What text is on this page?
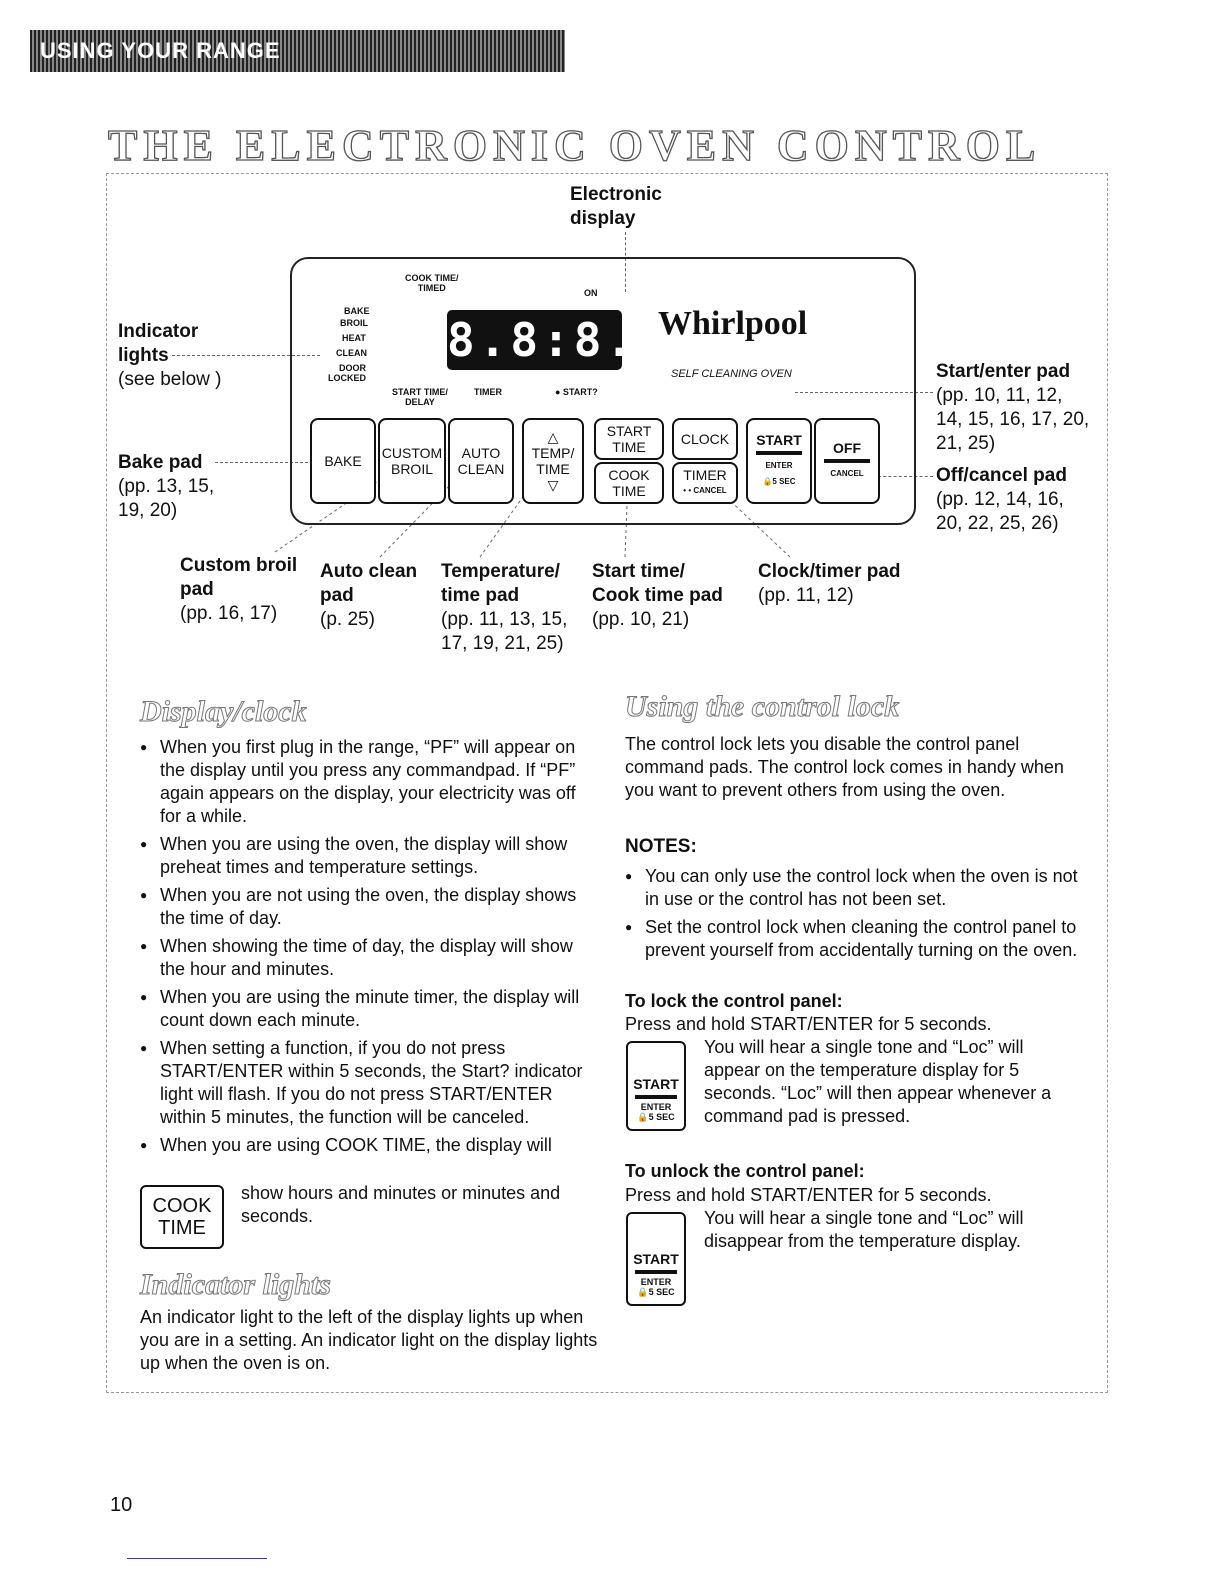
USING YOUR RANGE
THE ELECTRONIC OVEN CONTROL
Electronic
display
Indicator
lights
(see below )
Bake pad
(pp. 13, 15,
19, 20)
Start/enter pad
(pp. 10, 11, 12,
14, 15, 16, 17, 20,
21, 25)
Off/cancel pad
(pp. 12, 14, 16,
20, 22, 25, 26)
Custom broil
pad
(pp. 16, 17)
Auto clean
pad
(p. 25)
Temperature/
time pad
(pp. 11, 13, 15,
17, 19, 21, 25)
Start time/
Cook time pad
(pp. 10, 21)
Clock/timer pad
(pp. 11, 12)
COOK TIME/
TIMED	ON
BAKE
BROIL
HEAT
CLEAN
DOOR
LOCKED
START TIME/
DELAY
TIMER	● START?
8.8:8.8
Whirlpool
SELF CLEANING OVEN
BAKE CUSTOM
BROIL
AUTO
CLEAN
△
TEMP/
TIME
▽
START
TIME
COOK
TIME
CLOCK
TIMER
• • CANCEL
START
ENTER
🔒5 SEC
OFF
CANCEL
Display/clock
● When you first plug in the range, “PF” will appear on the display until you press any commandpad. If “PF” again appears on the display, your electricity was off for a while.
● When you are using the oven, the display will show preheat times and temperature settings.
● When you are not using the oven, the display shows the time of day.
● When showing the time of day, the display will show the hour and minutes.
● When you are using the minute timer, the display will count down each minute.
● When setting a function, if you do not press START/ENTER within 5 seconds, the Start? indicator light will flash. If you do not press START/ENTER within 5 minutes, the function will be canceled.
● When you are using COOK TIME, the display will
COOK
TIME
show hours and minutes or minutes and seconds.
Indicator lights
An indicator light to the left of the display lights up when you are in a setting. An indicator light on the display lights up when the oven is on.
Using the control lock
The control lock lets you disable the control panel command pads. The control lock comes in handy when you want to prevent others from using the oven.
NOTES:
● You can only use the control lock when the oven is not in use or the control has not been set.
● Set the control lock when cleaning the control panel to prevent yourself from accidentally turning on the oven.
To lock the control panel:
Press and hold START/ENTER for 5 seconds.
START
ENTER
🔒5 SEC
You will hear a single tone and “Loc” will appear on the temperature display for 5 seconds. “Loc” will then appear whenever a command pad is pressed.
To unlock the control panel:
Press and hold START/ENTER for 5 seconds.
START
ENTER
🔒5 SEC
You will hear a single tone and “Loc” will disappear from the temperature display.
10
